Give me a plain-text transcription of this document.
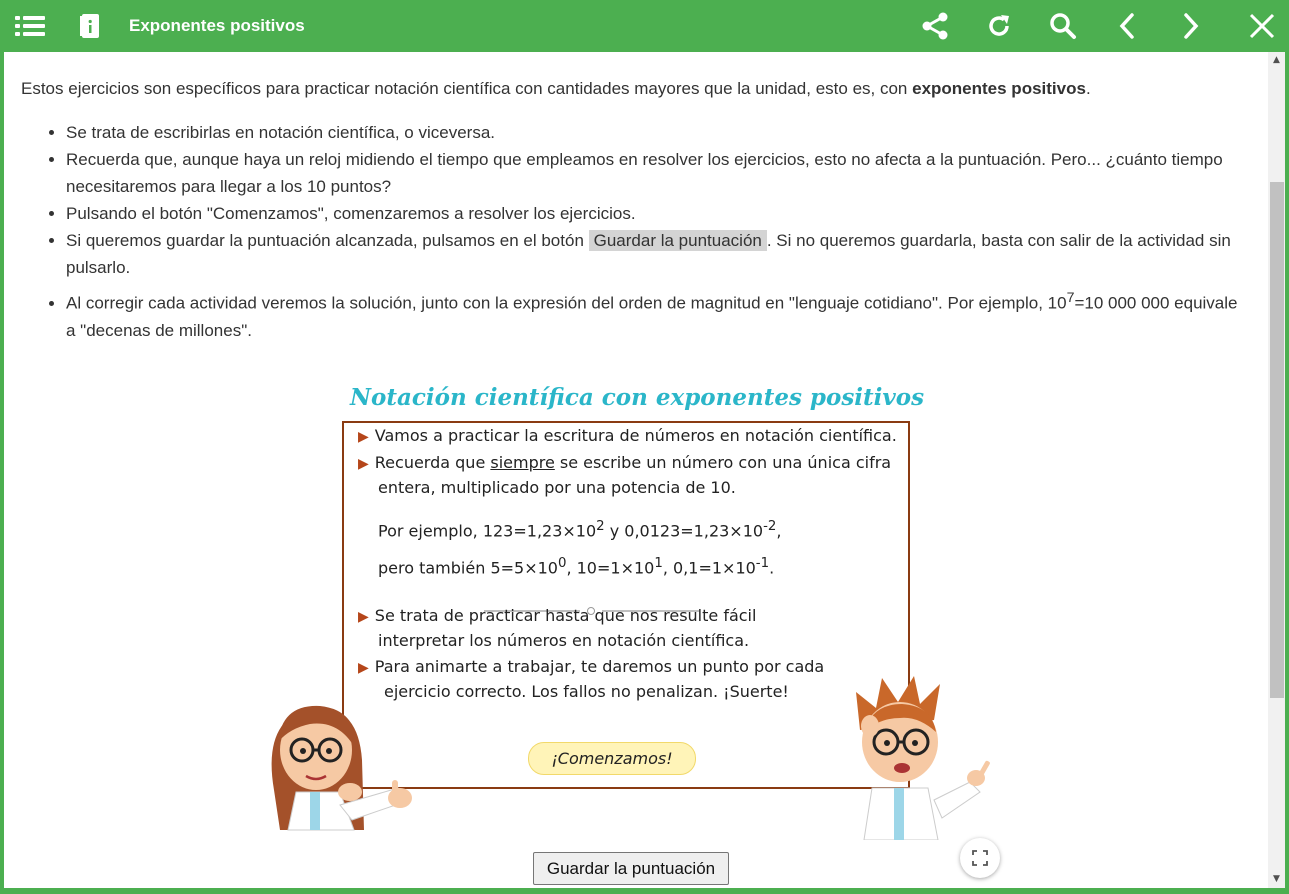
Exponentes positivos

Estos ejercicios son específicos para practicar notación científica con cantidades mayores que la unidad, esto es, con exponentes positivos.

• Se trata de escribirlas en notación científica, o viceversa.
• Recuerda que, aunque haya un reloj midiendo el tiempo que empleamos en resolver los ejercicios, esto no afecta a la puntuación. Pero... ¿cuánto tiempo necesitaremos para llegar a los 10 puntos?
• Pulsando el botón "Comenzamos", comenzaremos a resolver los ejercicios.
• Si queremos guardar la puntuación alcanzada, pulsamos en el botón Guardar la puntuación . Si no queremos guardarla, basta con salir de la actividad sin pulsarlo.
• Al corregir cada actividad veremos la solución, junto con la expresión del orden de magnitud en "lenguaje cotidiano". Por ejemplo, $10^7=10$ 000 000 equivale a "decenas de millones".
Notación científica con exponentes positivos
▶ Vamos a practicar la escritura de números en notación científica.
▶ Recuerda que siempre se escribe un número con una única cifra
entera, multiplicado por una potencia de 10.
Por ejemplo, $123=1,23\times 10^2$ y $0,0123=1,23\times 10^{-2}$,
pero también $5=5\times 10^0$, $10=1\times 10^1$, $0,1=1\times 10^{-1}$.
▶ Se trata de practicar hasta que nos resulte fácil
interpretar los números en notación científica.
▶ Para animarte a trabajar, te daremos un punto por cada
ejercicio correcto. Los fallos no penalizan. ¡Suerte!
¡Comenzamos!
Guardar la puntuación
▲
▼
